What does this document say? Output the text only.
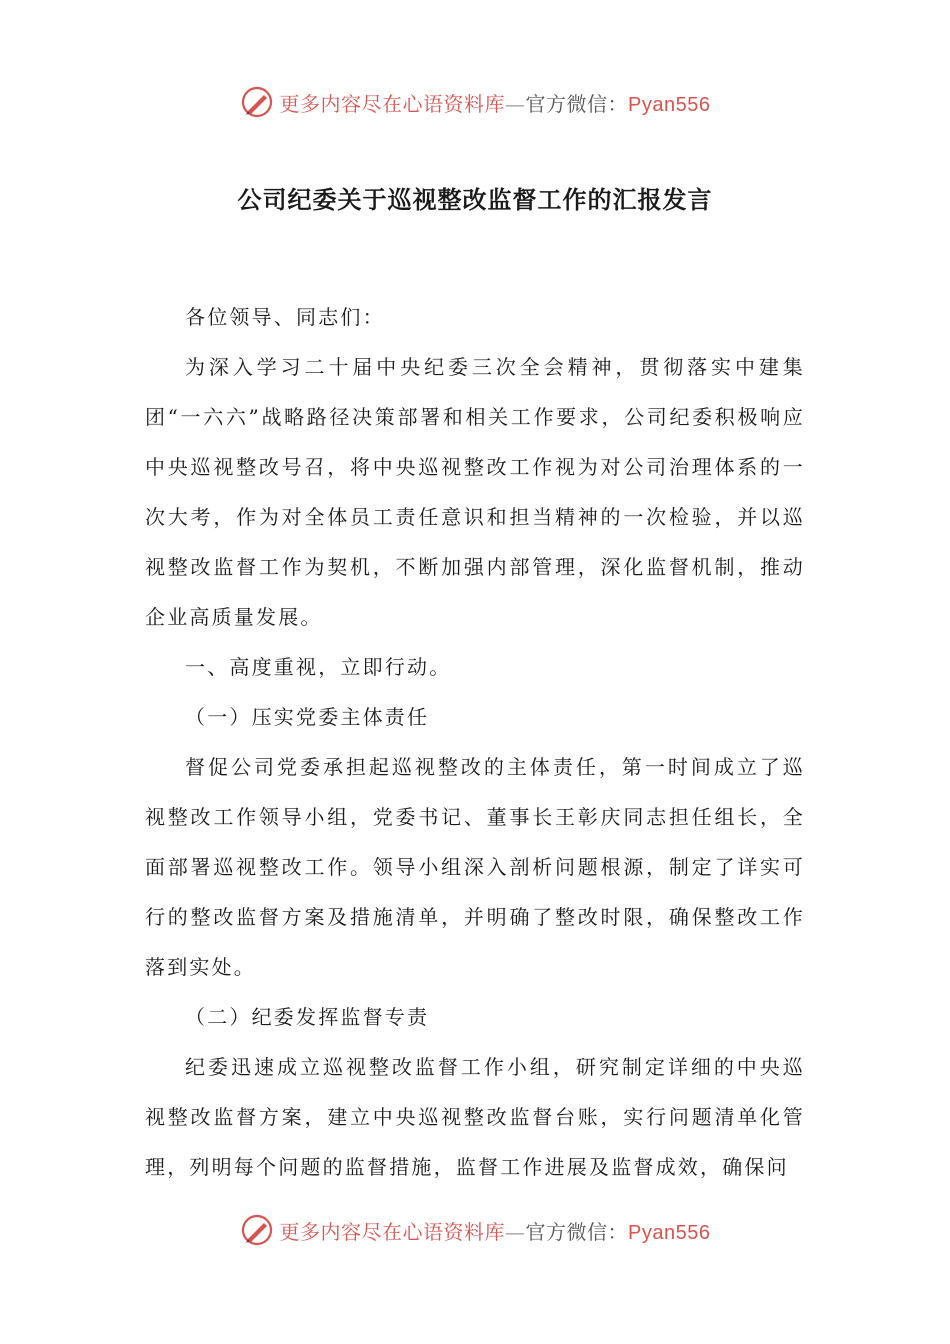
更多内容尽在心语资料库—官方微信：Pyan556
公司纪委关于巡视整改监督工作的汇报发言

各位领导、同志们：

为深入学习二十届中央纪委三次全会精神，贯彻落实中建集团“一六六”战略路径决策部署和相关工作要求，公司纪委积极响应中央巡视整改号召，将中央巡视整改工作视为对公司治理体系的一次大考，作为对全体员工责任意识和担当精神的一次检验，并以巡视整改监督工作为契机，不断加强内部管理，深化监督机制，推动企业高质量发展。

一、高度重视，立即行动。

（一）压实党委主体责任

督促公司党委承担起巡视整改的主体责任，第一时间成立了巡视整改工作领导小组，党委书记、董事长王彰庆同志担任组长，全面部署巡视整改工作。领导小组深入剖析问题根源，制定了详实可行的整改监督方案及措施清单，并明确了整改时限，确保整改工作落到实处。

（二）纪委发挥监督专责

纪委迅速成立巡视整改监督工作小组，研究制定详细的中央巡视整改监督方案，建立中央巡视整改监督台账，实行问题清单化管理，列明每个问题的监督措施，监督工作进展及监督成效，确保问

更多内容尽在心语资料库—官方微信：Pyan556
